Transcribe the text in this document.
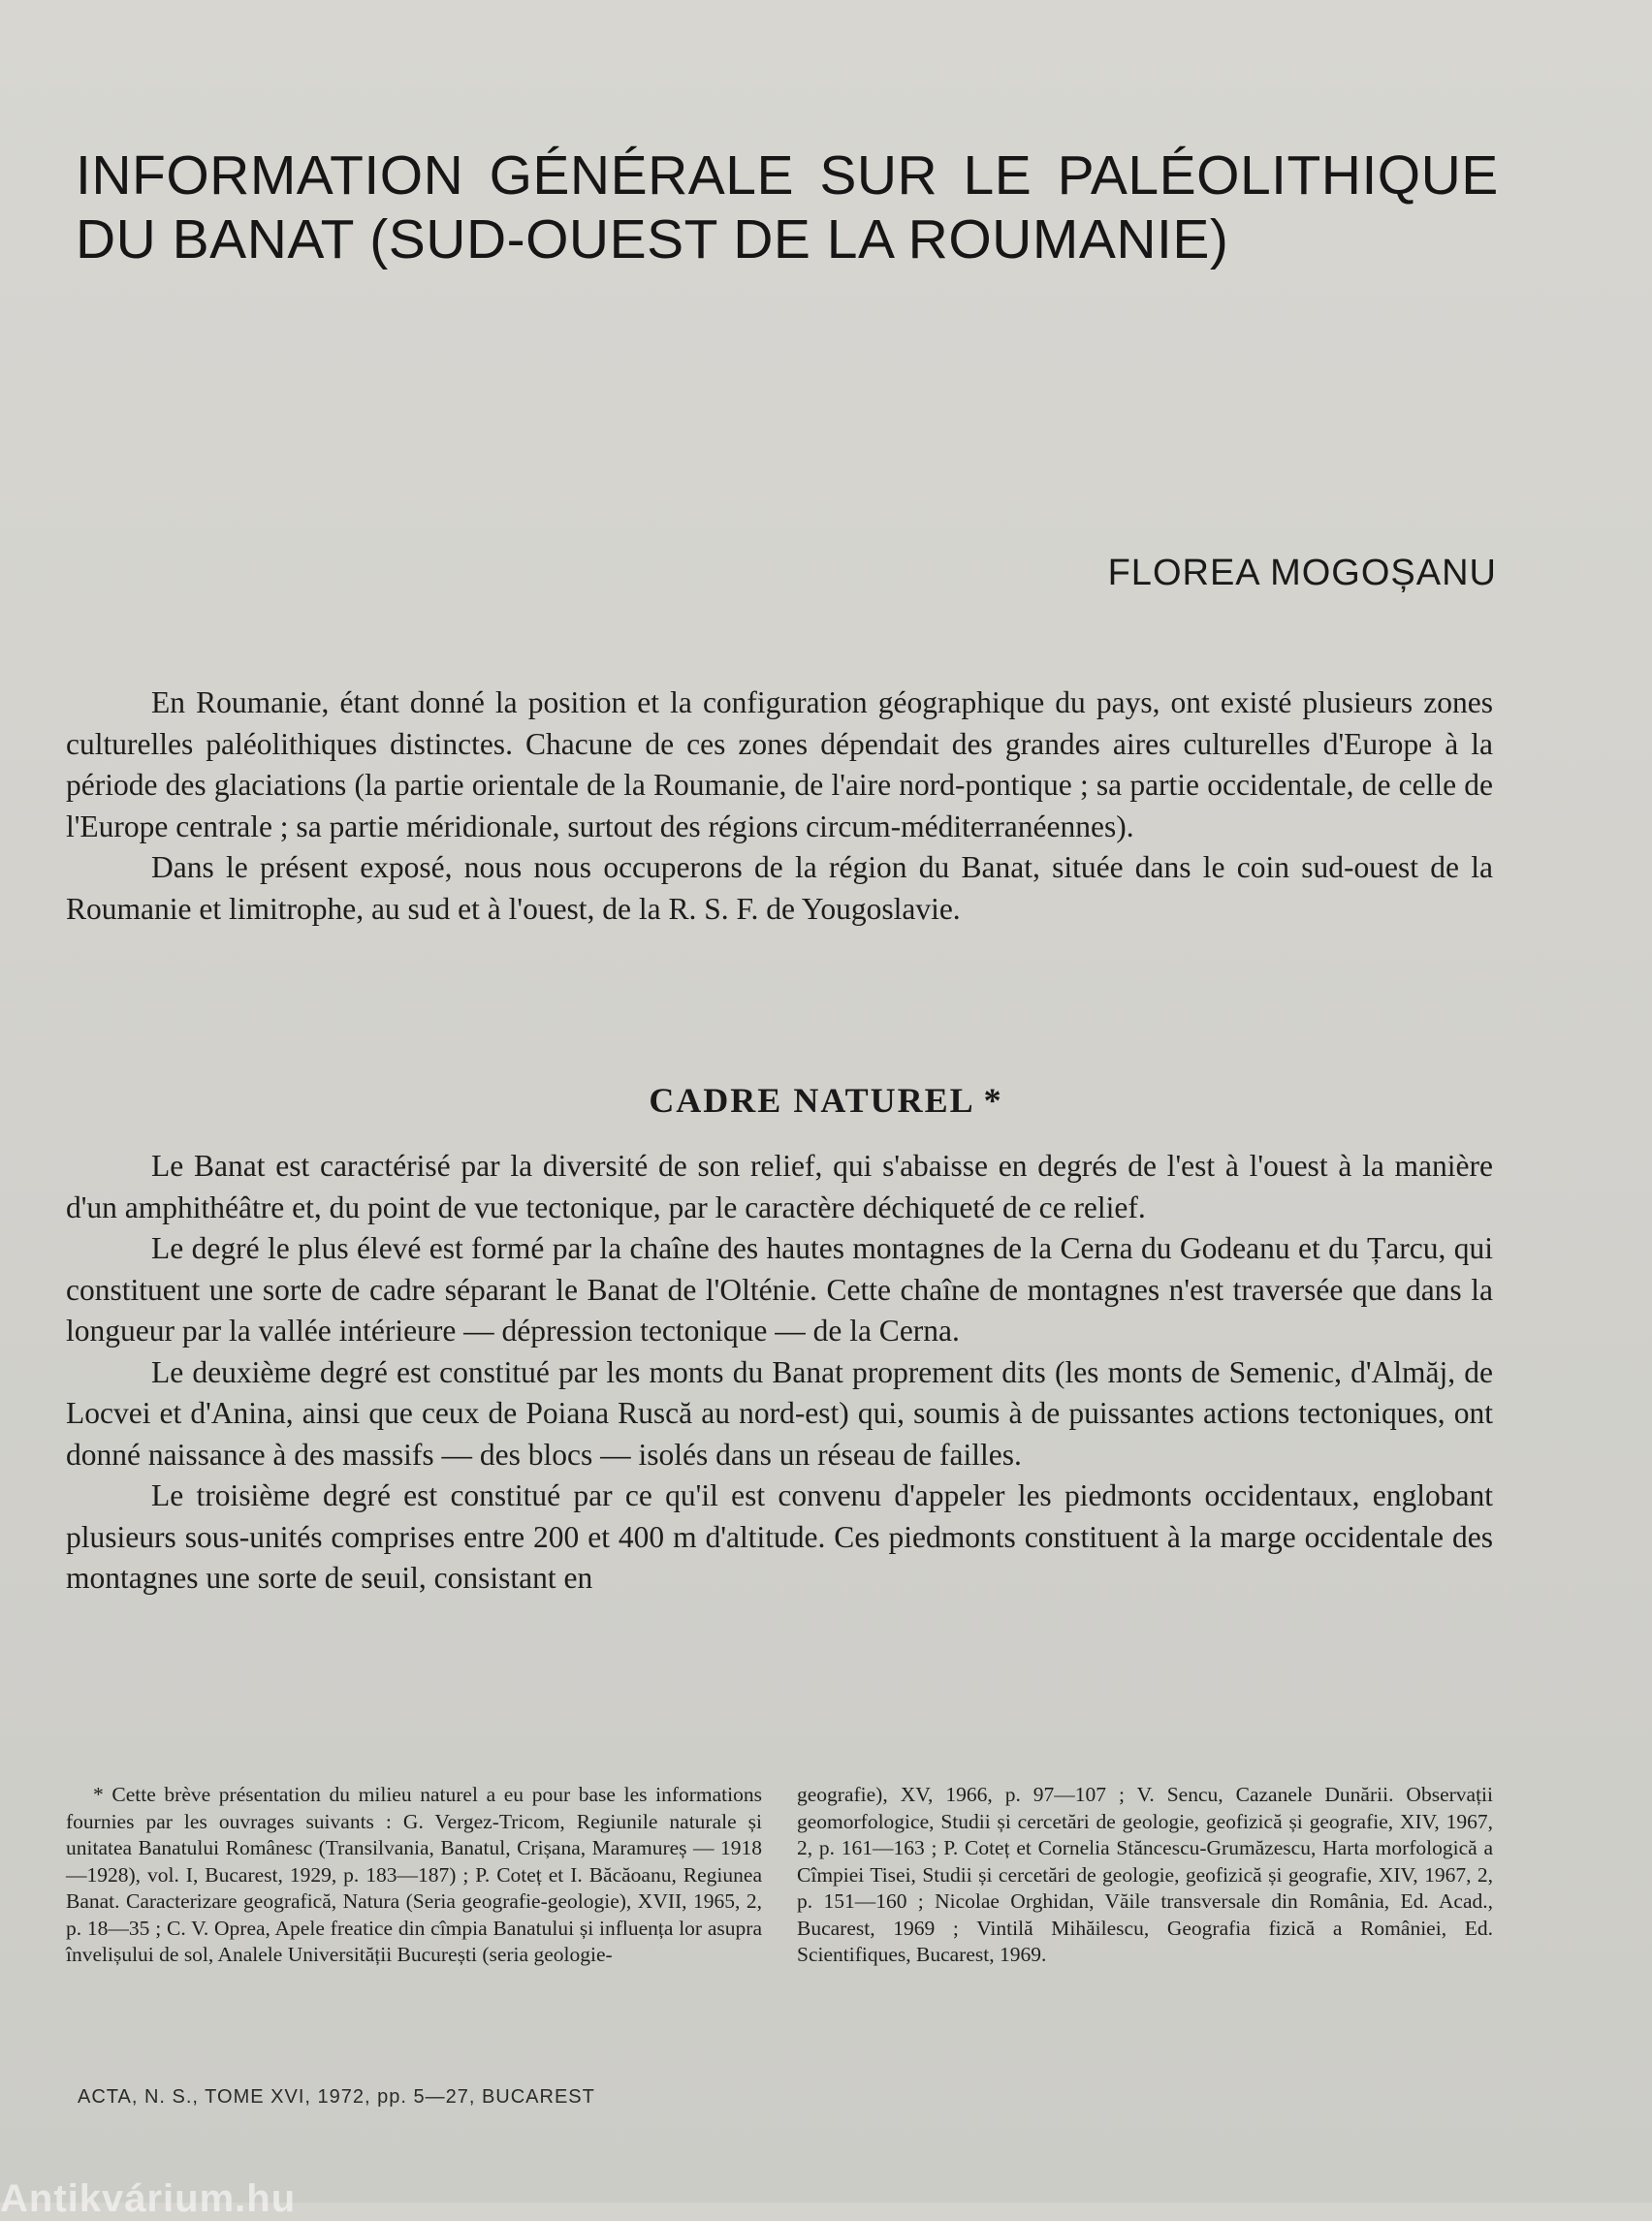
INFORMATION GÉNÉRALE SUR LE PALÉOLITHIQUE
DU BANAT (SUD-OUEST DE LA ROUMANIE)
FLOREA MOGOȘANU

En Roumanie, étant donné la position et la configuration géographique du pays, ont existé plusieurs zones culturelles paléolithiques distinctes. Chacune de ces zones dépendait des grandes aires culturelles d'Europe à la période des glaciations (la partie orientale de la Roumanie, de l'aire nord-pontique ; sa partie occidentale, de celle de l'Europe centrale ; sa partie méridionale, surtout des régions circum-méditerranéennes).

Dans le présent exposé, nous nous occuperons de la région du Banat, située dans le coin sud-ouest de la Roumanie et limitrophe, au sud et à l'ouest, de la R. S. F. de Yougoslavie.

CADRE NATUREL *

Le Banat est caractérisé par la diversité de son relief, qui s'abaisse en degrés de l'est à l'ouest à la manière d'un amphithéâtre et, du point de vue tectonique, par le caractère déchiqueté de ce relief.

Le degré le plus élevé est formé par la chaîne des hautes montagnes de la Cerna du Godeanu et du Țarcu, qui constituent une sorte de cadre séparant le Banat de l'Olténie. Cette chaîne de montagnes n'est traversée que dans la longueur par la vallée intérieure — dépression tectonique — de la Cerna.

Le deuxième degré est constitué par les monts du Banat proprement dits (les monts de Semenic, d'Almăj, de Locvei et d'Anina, ainsi que ceux de Poiana Ruscă au nord-est) qui, soumis à de puissantes actions tectoniques, ont donné naissance à des massifs — des blocs — isolés dans un réseau de failles.

Le troisième degré est constitué par ce qu'il est convenu d'appeler les piedmonts occidentaux, englobant plusieurs sous-unités comprises entre 200 et 400 m d'altitude. Ces piedmonts constituent à la marge occidentale des montagnes une sorte de seuil, consistant en

* Cette brève présentation du milieu naturel a eu pour base les informations fournies par les ouvrages suivants : G. Vergez-Tricom, Regiunile naturale și unitatea Banatului Românesc (Transilvania, Banatul, Crișana, Maramureș — 1918—1928), vol. I, Bucarest, 1929, p. 183—187) ; P. Coteț et I. Băcăoanu, Regiunea Banat. Caracterizare geografică, Natura (Seria geografie-geologie), XVII, 1965, 2, p. 18—35 ; C. V. Oprea, Apele freatice din cîmpia Banatului și influența lor asupra învelișului de sol, Analele Universității București (seria geologie-
geografie), XV, 1966, p. 97—107 ; V. Sencu, Cazanele Dunării. Observații geomorfologice, Studii și cercetări de geologie, geofizică și geografie, XIV, 1967, 2, p. 161—163 ; P. Coteț et Cornelia Stăncescu-Grumăzescu, Harta morfologică a Cîmpiei Tisei, Studii și cercetări de geologie, geofizică și geografie, XIV, 1967, 2, p. 151—160 ; Nicolae Orghidan, Văile transversale din România, Ed. Acad., Bucarest, 1969 ; Vintilă Mihăilescu, Geografia fizică a României, Ed. Scientifiques, Bucarest, 1969.
ACTA, N. S., TOME XVI, 1972, pp. 5—27, BUCAREST
Antikvárium.hu
